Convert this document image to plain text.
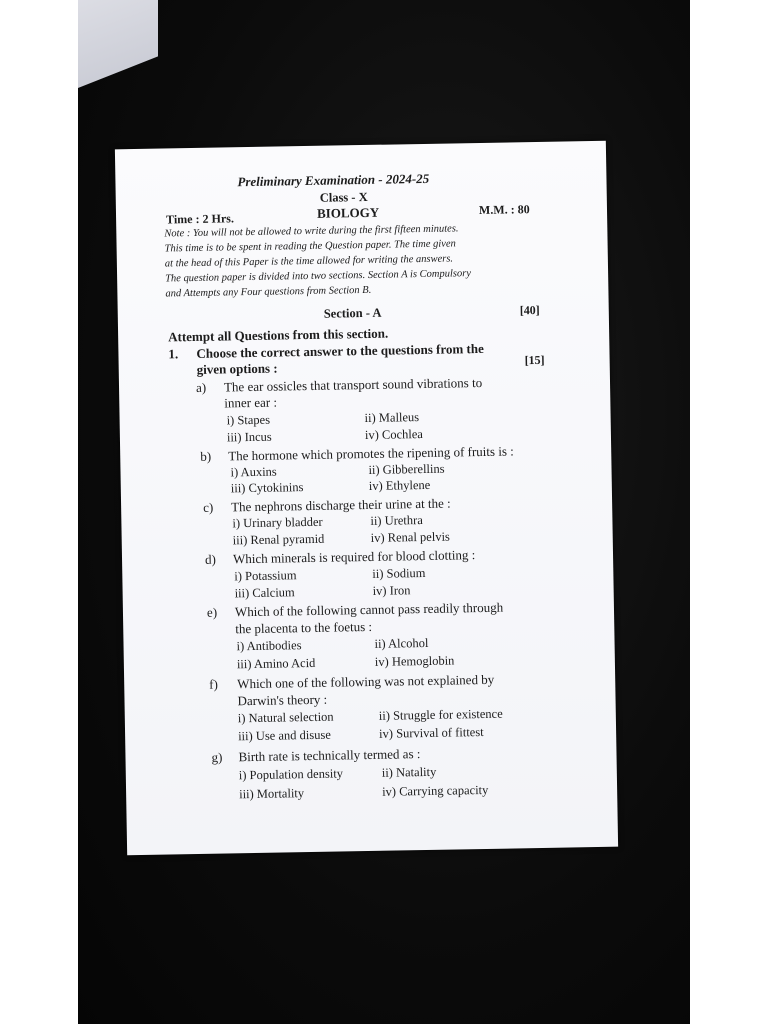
Preliminary Examination - 2024-25
Class - X
Time : 2 Hrs.	BIOLOGY	M.M. : 80
Note : You will not be allowed to write during the first fifteen minutes.
This time is to be spent in reading the Question paper. The time given
at the head of this Paper is the time allowed for writing the answers.
The question paper is divided into two sections. Section A is Compulsory
and Attempts any Four questions from Section B.
Section - A	[40]
Attempt all Questions from this section.
1. Choose the correct answer to the questions from the
given options :
[15]
a) The ear ossicles that transport sound vibrations to
inner ear :
i) Stapes	ii) Malleus
iii) Incus	iv) Cochlea
b) The hormone which promotes the ripening of fruits is :
i) Auxins	ii) Gibberellins
iii) Cytokinins	iv) Ethylene
c) The nephrons discharge their urine at the :
i) Urinary bladder	ii) Urethra
iii) Renal pyramid	iv) Renal pelvis
d) Which minerals is required for blood clotting :
i) Potassium	ii) Sodium
iii) Calcium	iv) Iron
e) Which of the following cannot pass readily through
the placenta to the foetus :
i) Antibodies	ii) Alcohol
iii) Amino Acid	iv) Hemoglobin
f) Which one of the following was not explained by
Darwin's theory :
i) Natural selection	ii) Struggle for existence
iii) Use and disuse	iv) Survival of fittest
g) Birth rate is technically termed as :
i) Population density	ii) Natality
iii) Mortality	iv) Carrying capacity
